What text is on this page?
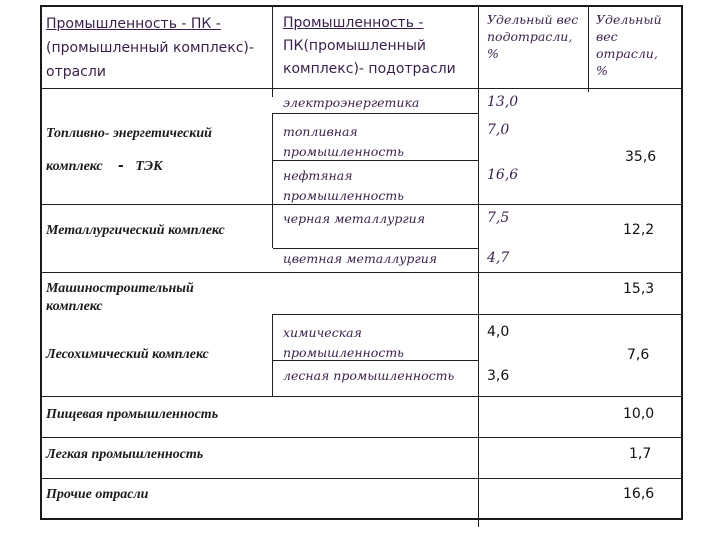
Промышленность - ПК -
(промышленный комплекс)-
отрасли
Промышленность -
ПК(промышленный
комплекс)- подотрасли
Удельный вес
подотрасли,
%
Удельный
вес
отрасли,
%
Топливно- энергетический
комплекс - ТЭК
Металлургический комплекс
Машиностроительный
комплекс
Лесохимический комплекс
Пищевая промышленность
Легкая промышленность
Прочие отрасли
электроэнергетика
топливная
промышленность
нефтяная
промышленность
черная металлургия
цветная металлургия
химическая
промышленность
лесная промышленность
13,0
7,0
16,6
7,5
4,7
4,0
3,6
35,6
12,2
15,3
7,6
10,0
1,7
16,6
